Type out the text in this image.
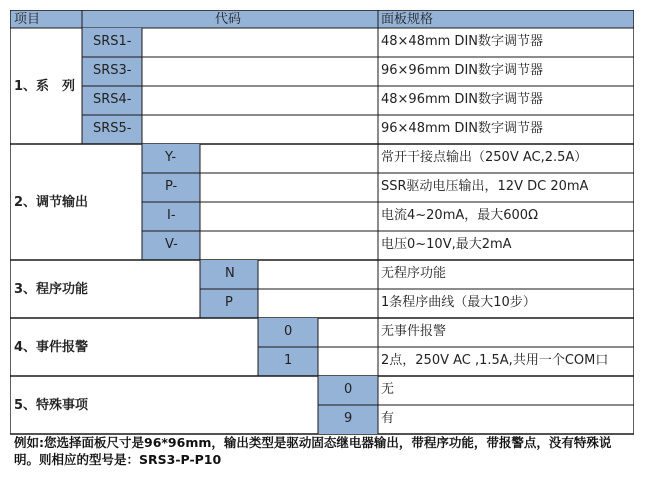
项目	代码	面板规格
1、系　列
SRS1-	48×48mm DIN数字调节器
SRS3-	96×96mm DIN数字调节器
SRS4-	48×96mm DIN数字调节器
SRS5-	96×48mm DIN数字调节器
2、调节输出
Y-	常开干接点输出（250V AC,2.5A）
P-	SSR驱动电压输出，12V DC 20mA
I-	电流4~20mA，最大600Ω
V-	电压0~10V,最大2mA
3、程序功能
N	无程序功能
P	1条程序曲线（最大10步）
4、事件报警
0	无事件报警
1	2点，250V AC ,1.5A,共用一个COM口
5、特殊事项
0 无
9 有
例如:您选择面板尺寸是96*96mm，输出类型是驱动固态继电器输出，带程序功能，带报警点，没有特殊说明。则相应的型号是：SRS3-P-P10
